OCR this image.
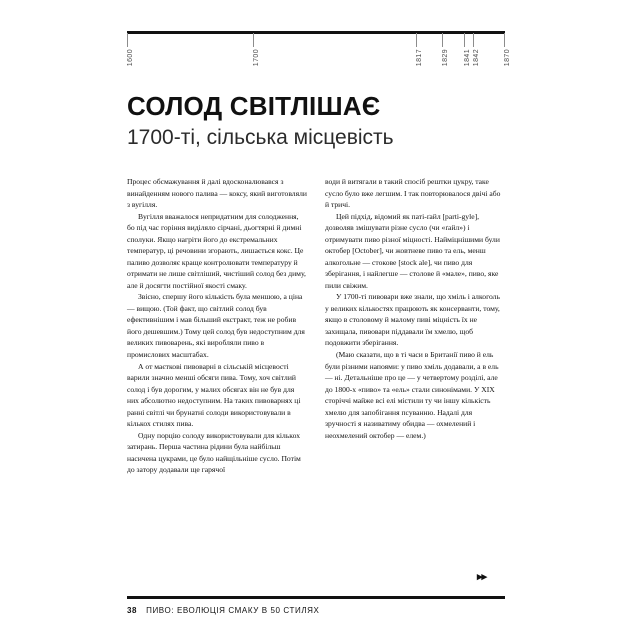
1600	1700	1817	1829 1841 1842	1870
СОЛОД СВІТЛІШАЄ
1700-ті, сільська місцевість

Процес обсмажування й далі вдосконалювався з винайденням нового палива — коксу, який виготовляли з вугілля.

Вугілля вважалося непридатним для солодження, бо під час горіння виділяло сірчані, дьогтярні й димні сполуки. Якщо нагріти його до екстремальних температур, ці речовини згорають, лишається кокс. Це паливо дозволяє краще контролювати температуру й отримати не лише світліший, чистіший солод без диму, але й досягти постійної якості смаку.

Звісно, спершу його кількість була меншою, а ціна — вищою. (Той факт, що світлий солод був ефективнішим і мав більший екстракт, теж не робив його дешевшим.) Тому цей солод був недоступним для великих пивоварень, які виробляли пиво в промислових масштабах.

А от маєткові пивоварні в сільській місцевості варили значно менші обсяги пива. Тому, хоч світлий солод і був дорогим, у малих обсягах він не був для них абсолютно недоступним. На таких пивоварнях ці ранні світлі чи брунатні солоди використовували в кількох стилях пива.

Одну порцію солоду використовували для кількох затирань. Перша частина рідини була найбільш насичена цукрами, це було найщільніше сусло. Потім до затору додавали ще гарячої

води й витягали в такий спосіб рештки цукру, таке сусло було вже легшим. І так повторювалося двічі або й тричі.

Цей підхід, відомий як паті-ґайл [parti-gyle], дозволяв змішувати різне сусло (чи «ґайл») і отримувати пиво різної міцності. Найміцнішими були октобер [October], чи жовтневе пиво та ель, менш алкогольне — стокове [stock ale], чи пиво для зберігання, і найлегше — столове й «мале», пиво, яке пили свіжим.

У 1700-ті пивовари вже знали, що хміль і алкоголь у великих кількостях працюють як консерванти, тому, якщо в столовому й малому пиві міцність їх не захищала, пивовари піддавали їм хмелю, щоб подовжити зберігання.

(Маю сказати, що в ті часи в Британії пиво й ель були різними напоями: у пиво хміль додавали, а в ель — ні. Детальніше про це — у четвертому розділі, але до 1800-х «пиво» та «ель» стали синонімами. У XIX сторіччі майже всі елі містили ту чи іншу кількість хмелю для запобігання псуванню. Надалі для зручності я називатиму обидва — охмелений і неохмелений октобер — елем.)

▸▸
38 ПИВО: ЕВОЛЮЦІЯ СМАКУ В 50 СТИЛЯХ
